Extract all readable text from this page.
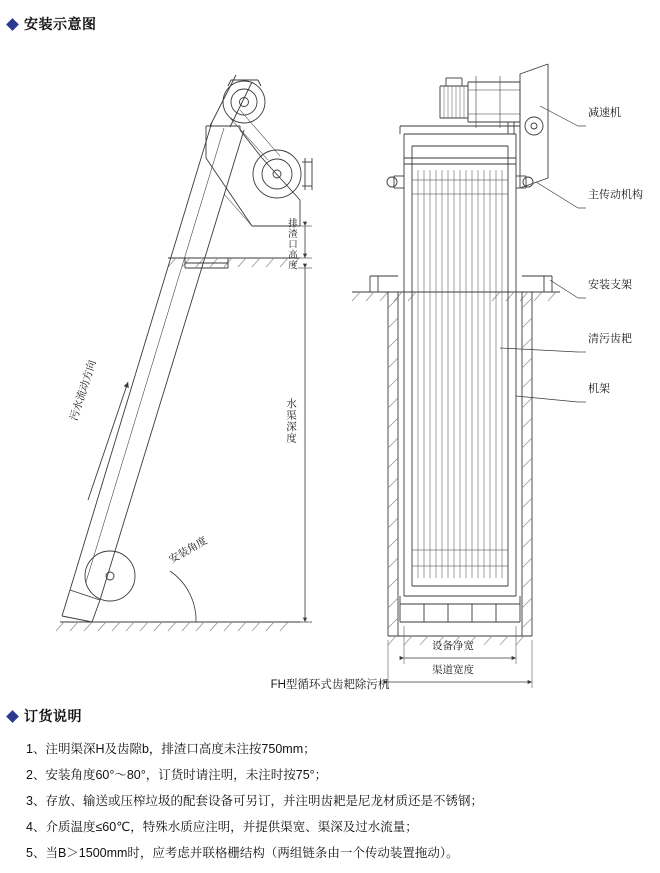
安装示意图
排渣口高度
水渠深度
污水流动方向
安装角度
设备净宽
渠道宽度
减速机
主传动机构
安装支架
清污齿耙
机架
FH型循环式齿耙除污机
订货说明
1、注明渠深H及齿隙b，排渣口高度未注按750mm；
2、安装角度60°～80°，订货时请注明，未注时按75°；
3、存放、输送或压榨垃圾的配套设备可另订，并注明齿耙是尼龙材质还是不锈钢；
4、介质温度≤60℃，特殊水质应注明，并提供渠宽、渠深及过水流量；
5、当B＞1500mm时，应考虑并联格栅结构（两组链条由一个传动装置拖动）。
